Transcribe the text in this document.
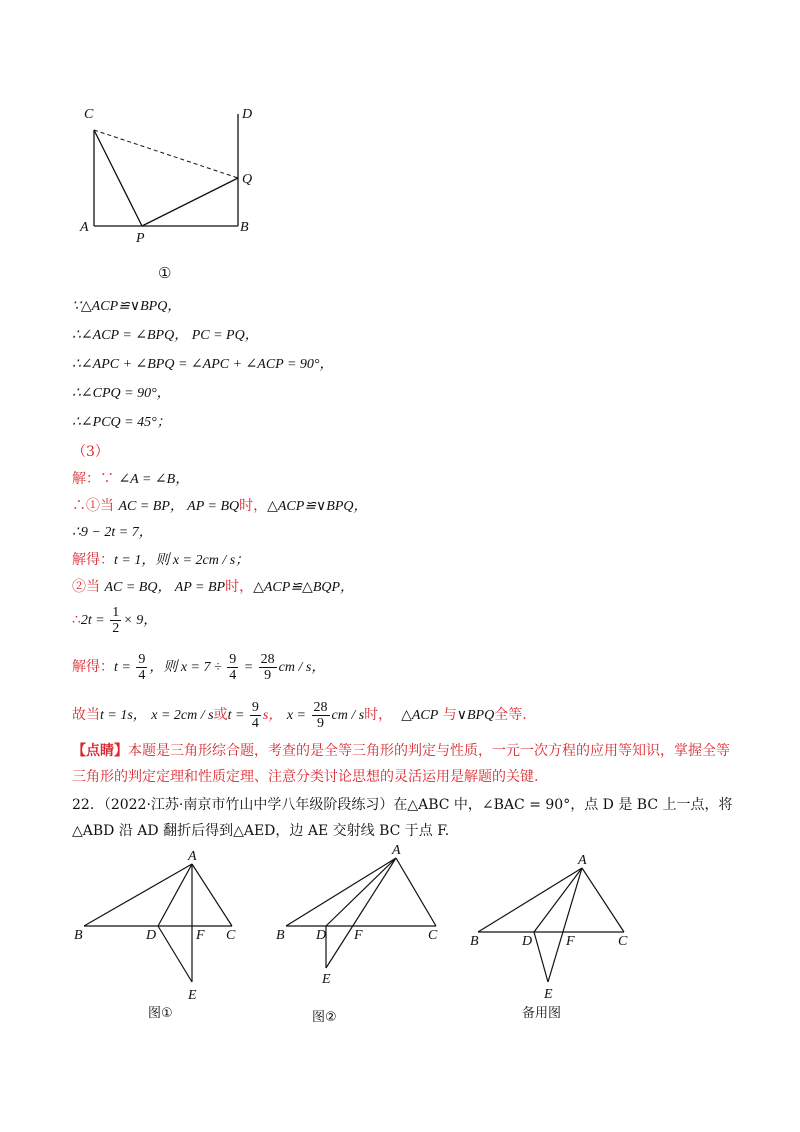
C	D
Q
A
P
B
①
∵△ACP≌∨BPQ，
∴∠ACP = ∠BPQ， PC = PQ，
∴∠APC + ∠BPQ = ∠APC + ∠ACP = 90°，
∴∠CPQ = 90°，
∴∠PCQ = 45°；
（3）
解：∵ ∠A = ∠B，
∴①当 AC = BP， AP = BQ时，△ACP≌∨BPQ，
∴9 − 2t = 7，
解得：t = 1，则 x = 2cm / s；
②当 AC = BQ， AP = BP时，△ACP≌△BQP，
∴2t = $\frac{1}{2} \times 9$，
解得：$t = \frac{9}{4}$ ，则 $x = 7 \div \frac{9}{4} = \frac{28}{9}$ cm / s，
故当t = 1s， x = 2cm / s或$t = \frac{9}{4}$ s， $x = \frac{28}{9}$ cm / s时， △ACP 与∨BPQ全等.
【点睛】本题是三角形综合题，考查的是全等三角形的判定与性质，一元一次方程的应用等知识，掌握全等三角形的判定定理和性质定理、注意分类讨论思想的灵活运用是解题的关键.
22．（2022·江苏·南京市竹山中学八年级阶段练习）在△ABC 中，∠BAC = 90°，点 D 是 BC 上一点，将
△ABD 沿 AD 翻折后得到△AED，边 AE 交射线 BC 于点 F.
A
B	D	F C
E
图①
A
B D F	C
E
图②
A
B	D F	C
E
备用图
